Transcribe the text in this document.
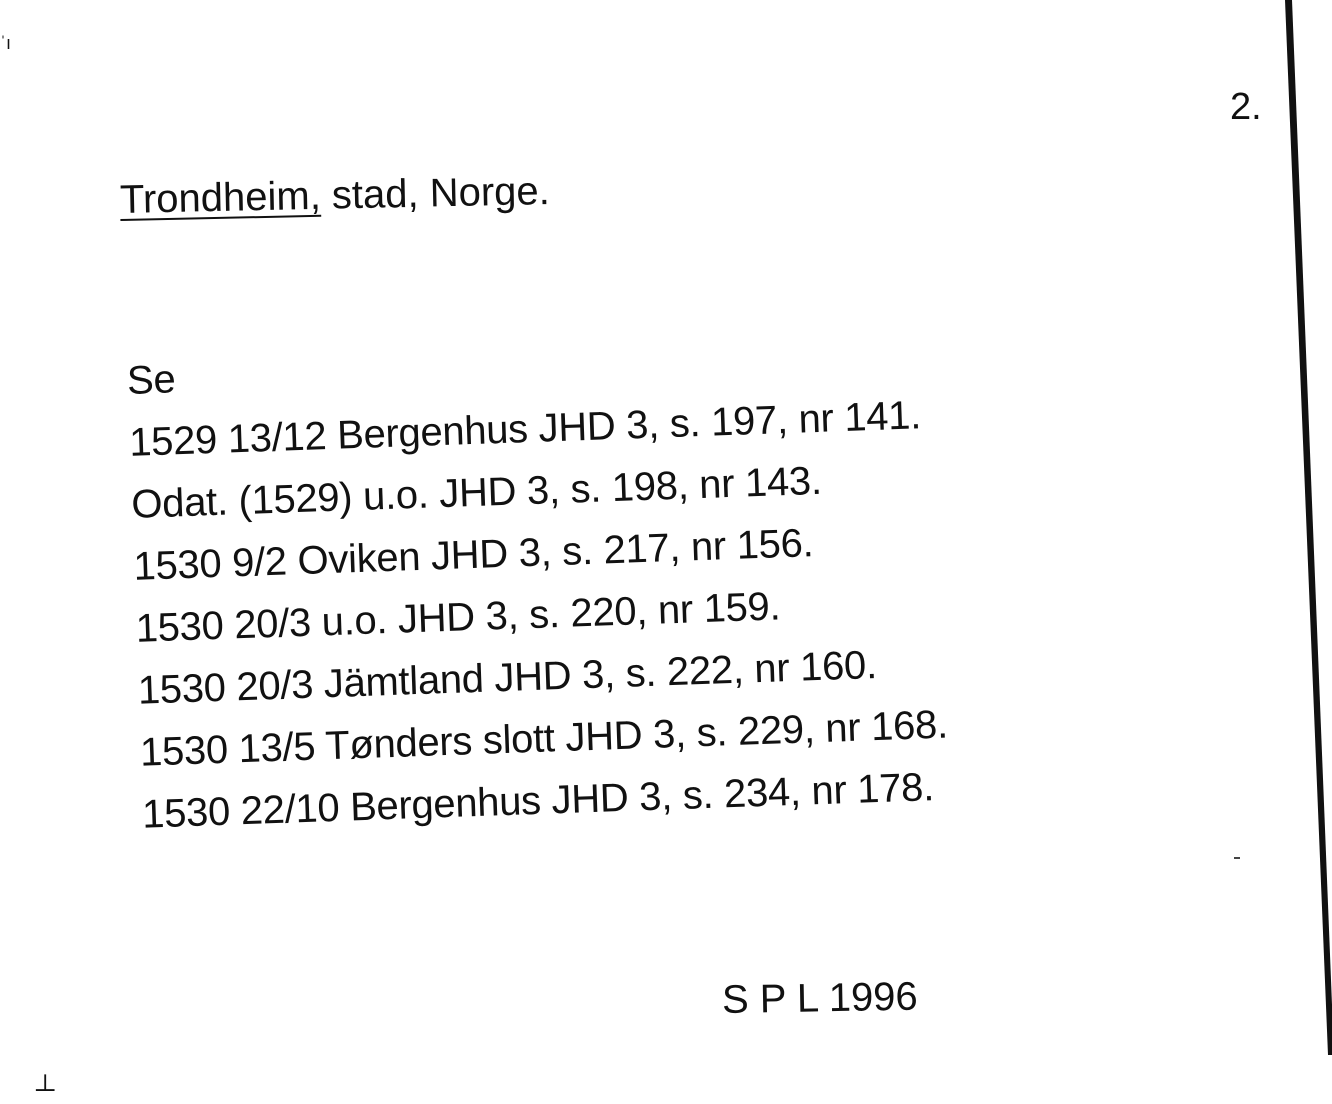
ˈı
2.
Trondheim, stad, Norge.
Se
1529 13/12 Bergenhus JHD 3, s. 197, nr 141.
Odat. (1529) u.o. JHD 3, s. 198, nr 143.
1530 9/2 Oviken JHD 3, s. 217, nr 156.
1530 20/3 u.o. JHD 3, s. 220, nr 159.
1530 20/3 Jämtland JHD 3, s. 222, nr 160.
1530 13/5 Tønders slott JHD 3, s. 229, nr 168.
1530 22/10 Bergenhus JHD 3, s. 234, nr 178.
S P L 1996
┴
